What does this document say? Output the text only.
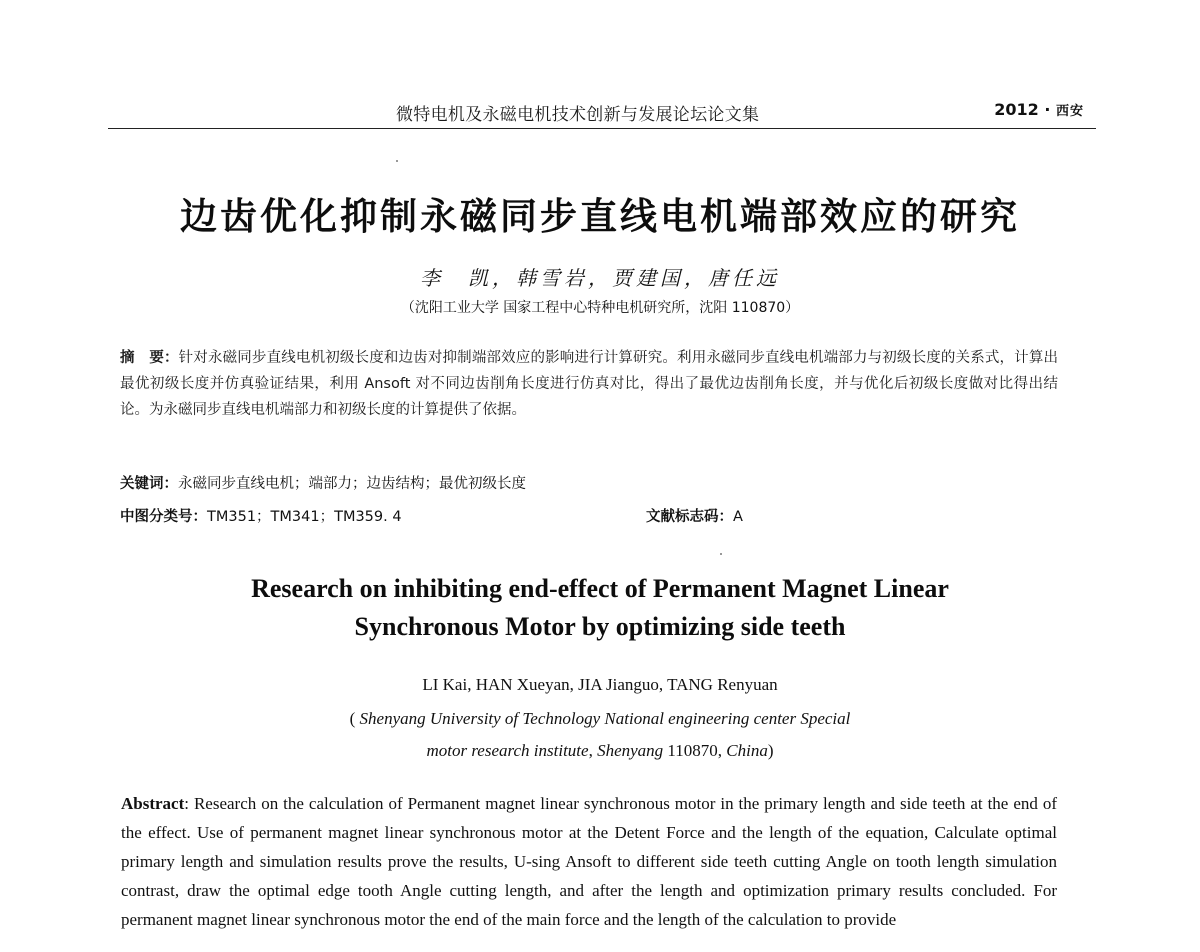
微特电机及永磁电机技术创新与发展论坛论文集	2012 · 西安
边齿优化抑制永磁同步直线电机端部效应的研究
李　凯，韩雪岩，贾建国，唐任远
（沈阳工业大学 国家工程中心特种电机研究所，沈阳 110870）
摘　要：针对永磁同步直线电机初级长度和边齿对抑制端部效应的影响进行计算研究。利用永磁同步直线电机端部力与初级长度的关系式，计算出最优初级长度并仿真验证结果，利用 Ansoft 对不同边齿削角长度进行仿真对比，得出了最优边齿削角长度，并与优化后初级长度做对比得出结论。为永磁同步直线电机端部力和初级长度的计算提供了依据。
关键词：永磁同步直线电机；端部力；边齿结构；最优初级长度
中图分类号：TM351；TM341；TM359. 4	文献标志码：A
Research on inhibiting end-effect of Permanent Magnet Linear
Synchronous Motor by optimizing side teeth
LI Kai, HAN Xueyan, JIA Jianguo, TANG Renyuan
( Shenyang University of Technology National engineering center Special
motor research institute, Shenyang 110870, China)
Abstract: Research on the calculation of Permanent magnet linear synchronous motor in the primary length and side teeth at the end of the effect. Use of permanent magnet linear synchronous motor at the Detent Force and the length of the equation, Calculate optimal primary length and simulation results prove the results, U-sing Ansoft to different side teeth cutting Angle on tooth length simulation contrast, draw the optimal edge tooth Angle cutting length, and after the length and optimization primary results concluded. For permanent magnet linear synchronous motor the end of the main force and the length of the calculation to provide
